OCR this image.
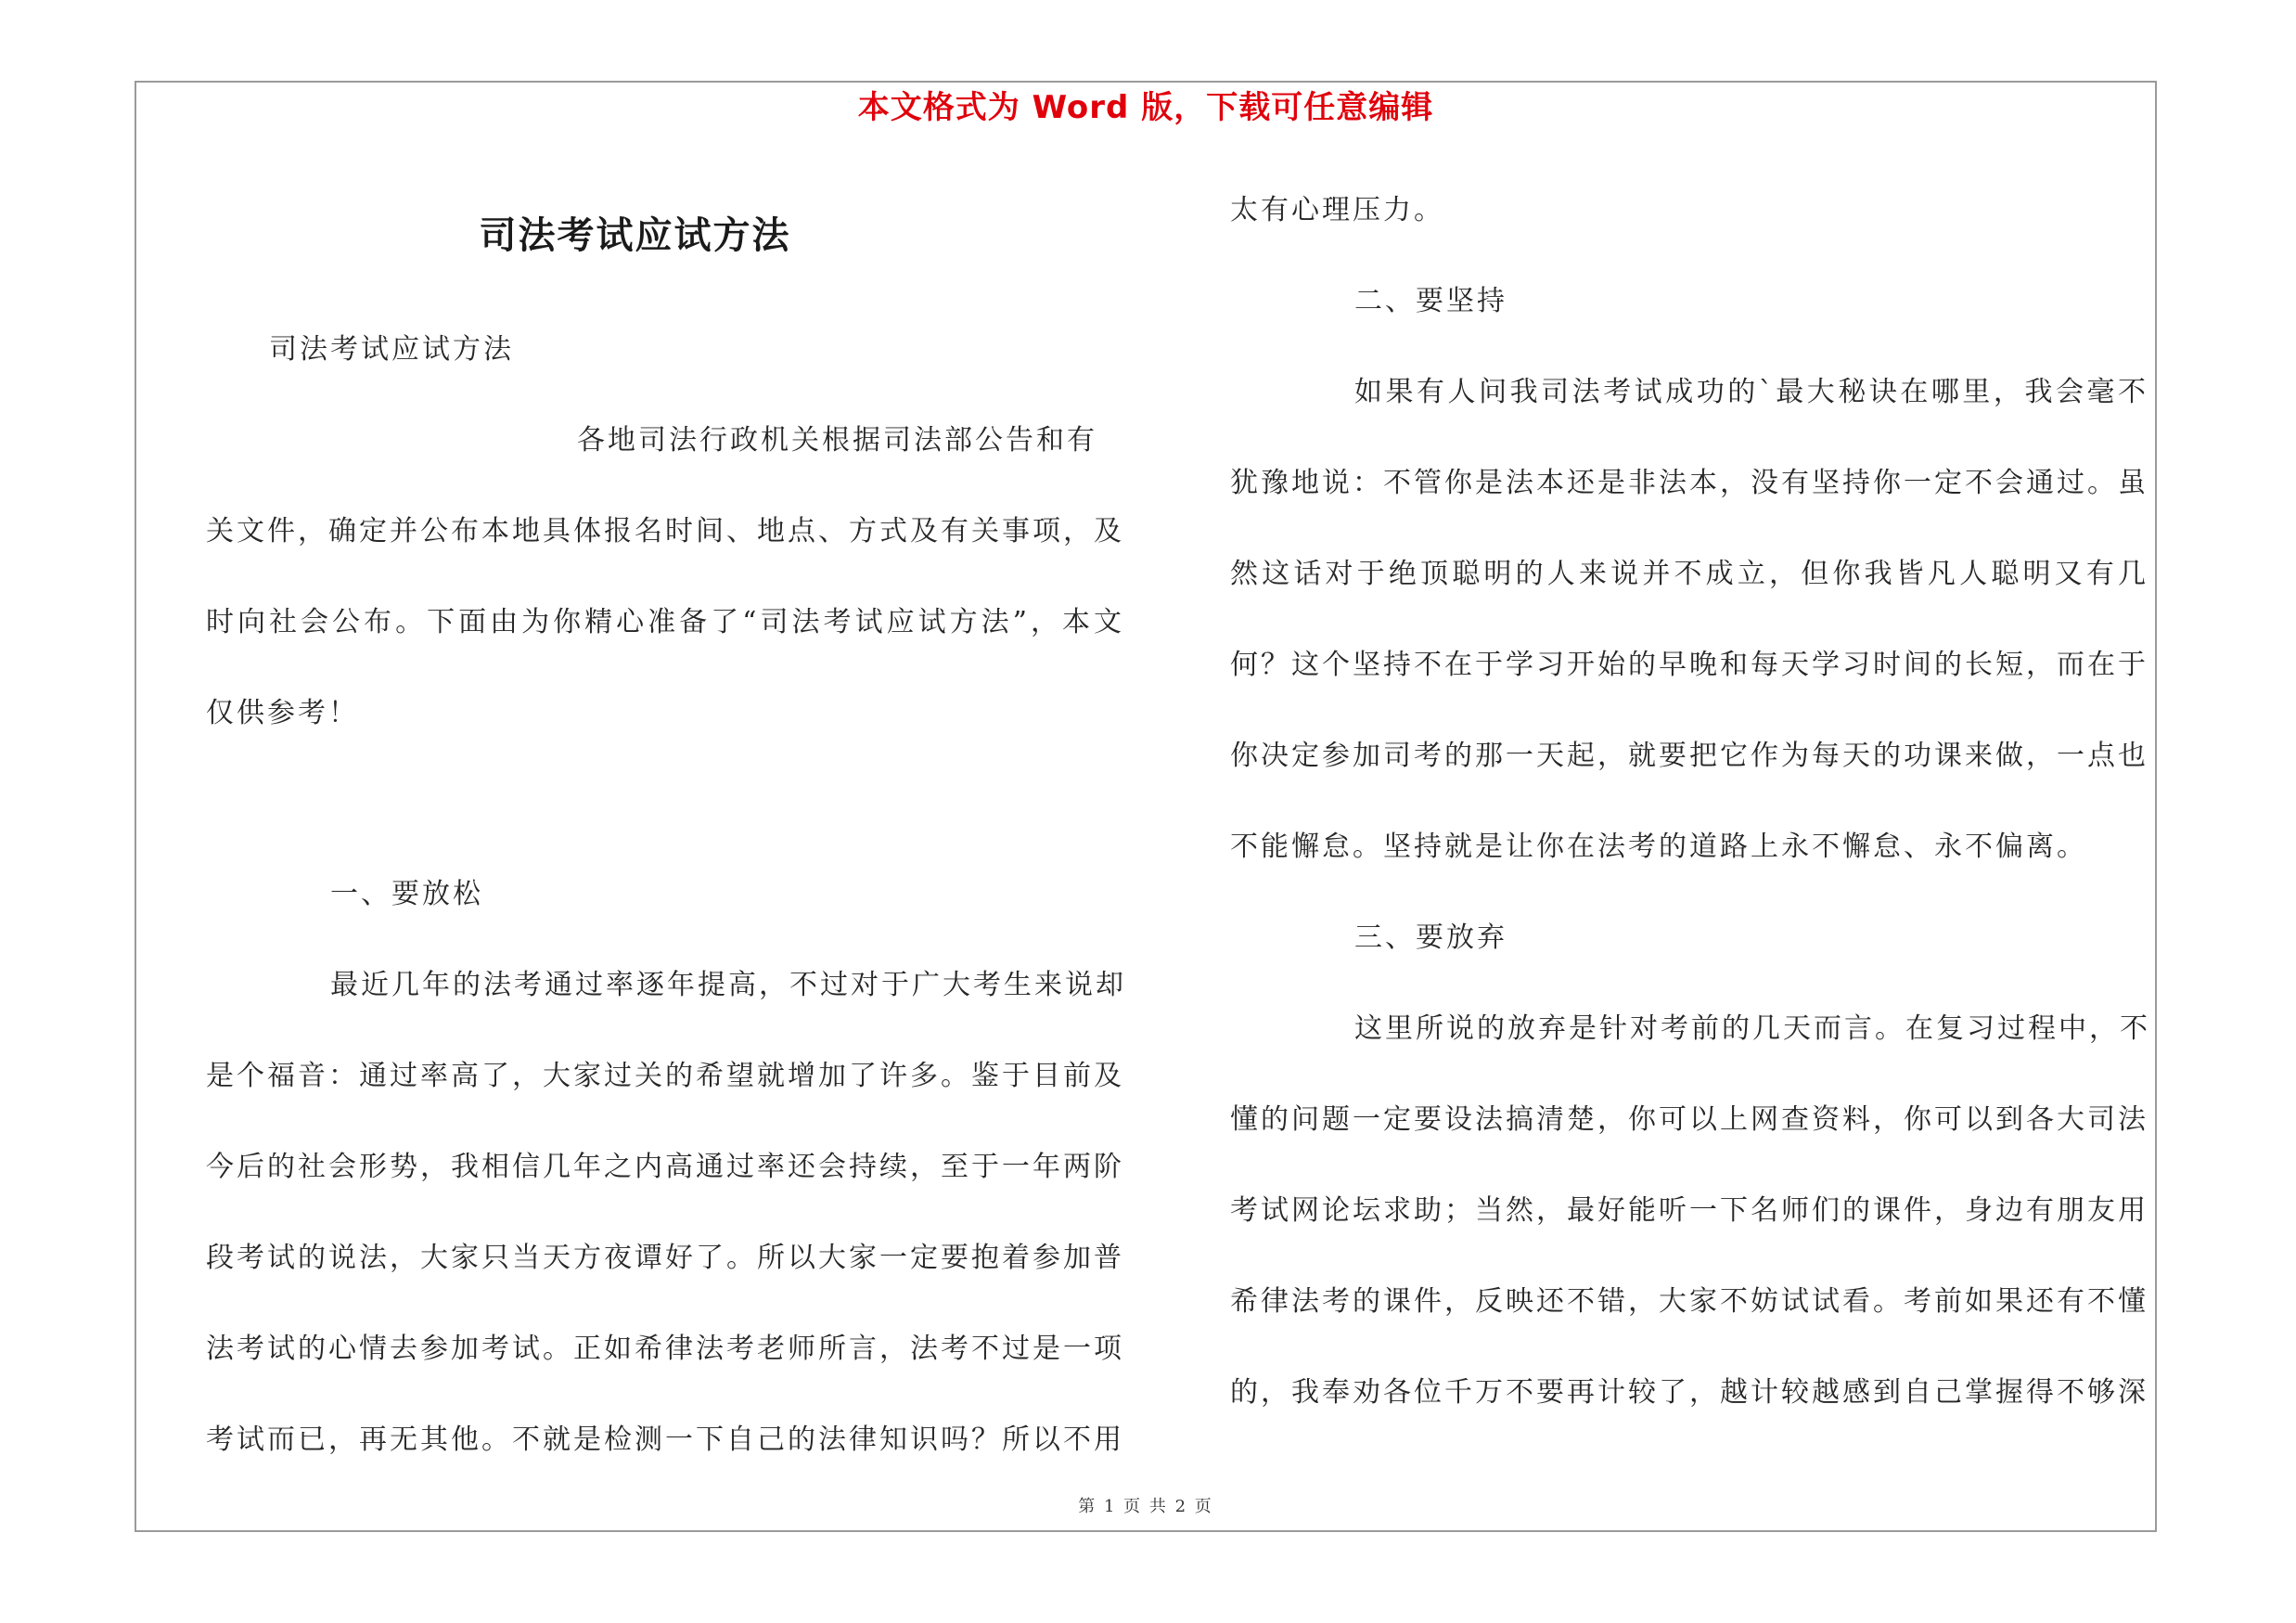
本文格式为 Word 版，下载可任意编辑
司法考试应试方法
司法考试应试方法
各地司法行政机关根据司法部公告和有
关文件，确定并公布本地具体报名时间、地点、方式及有关事项，及
时向社会公布。下面由为你精心准备了“司法考试应试方法”，本文
仅供参考！
一、要放松
最近几年的法考通过率逐年提高，不过对于广大考生来说却
是个福音：通过率高了，大家过关的希望就增加了许多。鉴于目前及
今后的社会形势，我相信几年之内高通过率还会持续，至于一年两阶
段考试的说法，大家只当天方夜谭好了。所以大家一定要抱着参加普
法考试的心情去参加考试。正如希律法考老师所言，法考不过是一项
考试而已，再无其他。不就是检测一下自己的法律知识吗？所以不用
太有心理压力。
二、要坚持
如果有人问我司法考试成功的`最大秘诀在哪里，我会毫不
犹豫地说：不管你是法本还是非法本，没有坚持你一定不会通过。虽
然这话对于绝顶聪明的人来说并不成立，但你我皆凡人聪明又有几
何？这个坚持不在于学习开始的早晚和每天学习时间的长短，而在于
你决定参加司考的那一天起，就要把它作为每天的功课来做，一点也
不能懈怠。坚持就是让你在法考的道路上永不懈怠、永不偏离。
三、要放弃
这里所说的放弃是针对考前的几天而言。在复习过程中，不
懂的问题一定要设法搞清楚，你可以上网查资料，你可以到各大司法
考试网论坛求助；当然，最好能听一下名师们的课件，身边有朋友用
希律法考的课件，反映还不错，大家不妨试试看。考前如果还有不懂
的，我奉劝各位千万不要再计较了，越计较越感到自己掌握得不够深
第 1 页 共 2 页
